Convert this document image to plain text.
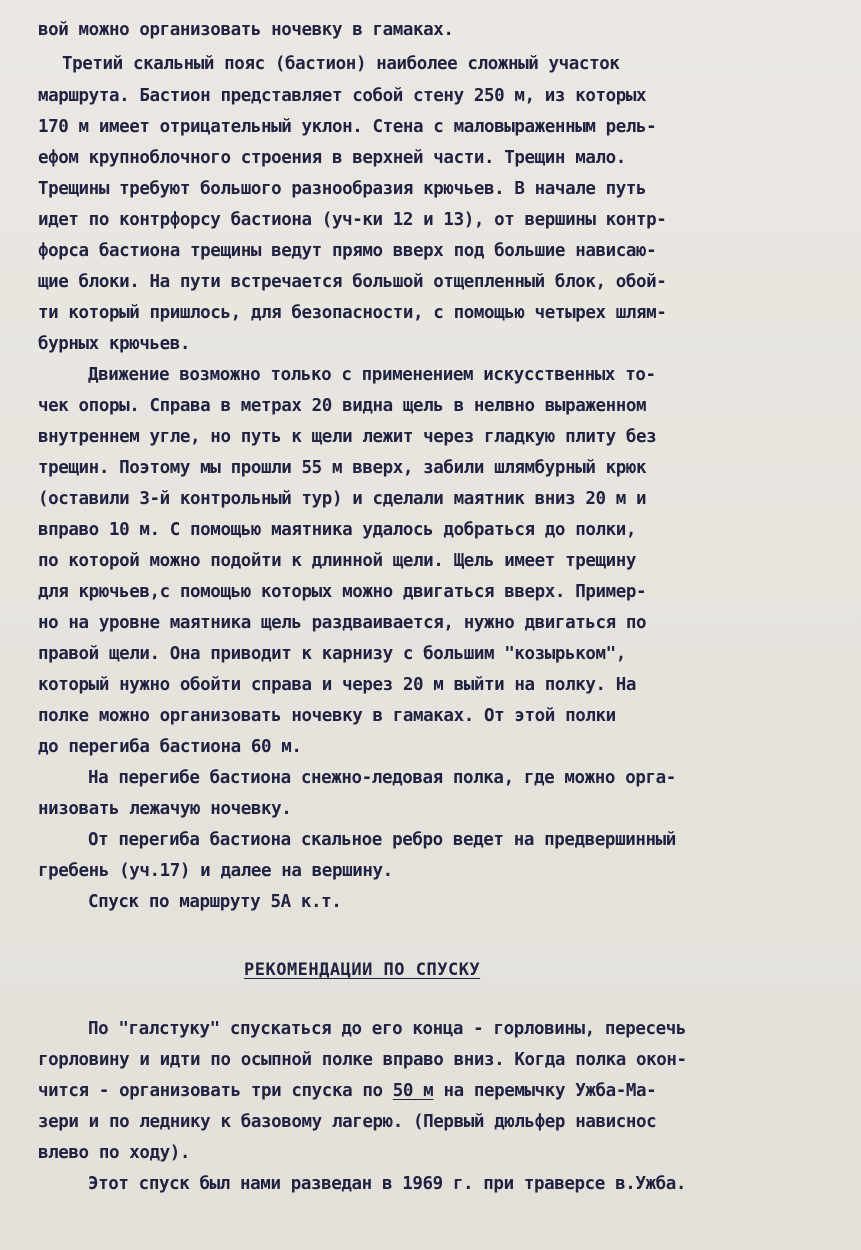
вой можно организовать ночевку в гамаках.
Третий скальный пояс (бастион) наиболее сложный участок
маршрута. Бастион представляет собой стену 250 м, из которых
170 м имеет отрицательный уклон. Стена с маловыраженным рель-
ефом крупноблочного строения в верхней части. Трещин мало.
Трещины требуют большого разнообразия крючьев. В начале путь
идет по контрфорсу бастиона (уч-ки 12 и 13), от вершины контр-
форса бастиона трещины ведут прямо вверх под большие нависаю-
щие блоки. На пути встречается большой отщепленный блок, обой-
ти который пришлось, для безопасности, с помощью четырех шлям-
бурных крючьев.
Движение возможно только с применением искусственных то-
чек опоры. Справа в метрах 20 видна щель в нелвно выраженном
внутреннем угле, но путь к щели лежит через гладкую плиту без
трещин. Поэтому мы прошли 55 м вверх, забили шлямбурный крюк
(оставили 3-й контрольный тур) и сделали маятник вниз 20 м и
вправо 10 м. С помощью маятника удалось добраться до полки,
по которой можно подойти к длинной щели. Щель имеет трещину
для крючьев,с помощью которых можно двигаться вверх. Пример-
но на уровне маятника щель раздваивается, нужно двигаться по
правой щели. Она приводит к карнизу с большим "козырьком",
который нужно обойти справа и через 20 м выйти на полку. На
полке можно организовать ночевку в гамаках. От этой полки
до перегиба бастиона 60 м.
На перегибе бастиона снежно-ледовая полка, где можно орга-
низовать лежачую ночевку.
От перегиба бастиона скальное ребро ведет на предвершинный
гребень (уч.17) и далее на вершину.
Спуск по маршруту 5А к.т.
РЕКОМЕНДАЦИИ ПО СПУСКУ
По "галстуку" спускаться до его конца - горловины, пересечь
горловину и идти по осыпной полке вправо вниз. Когда полка окон-
чится - организовать три спуска по 50 м на перемычку Ужба-Ма-
зери и по леднику к базовому лагерю. (Первый дюльфер нависнос
влево по ходу).
Этот спуск был нами разведан в 1969 г. при траверсе в.Ужба.
